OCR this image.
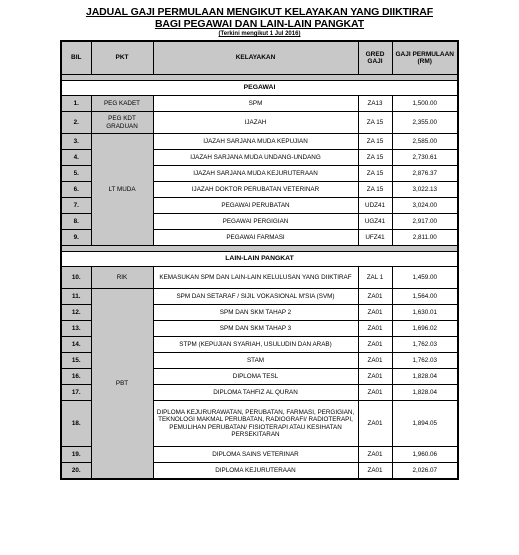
JADUAL GAJI PERMULAAN MENGIKUT KELAYAKAN YANG DIIKTIRAF
BAGI PEGAWAI DAN LAIN-LAIN PANGKAT
(Terkini mengikut 1 Jul 2016)
BIL	PKT	KELAYAKAN	GRED GAJI	GAJI PERMULAAN (RM)

PEGAWAI				
1.	PEG KADET	SPM	ZA13	1,500.00
2.	PEG KDT GRADUAN	IJAZAH	ZA 15	2,355.00
3.	LT MUDA	IJAZAH SARJANA MUDA KEPUJIAN	ZA 15	2,585.00
4.		IJAZAH SARJANA MUDA UNDANG-UNDANG	ZA 15	2,730.61
5.		IJAZAH SARJANA MUDA KEJURUTERAAN	ZA 15	2,876.37
6.		IJAZAH DOKTOR PERUBATAN VETERINAR	ZA 15	3,022.13
7.		PEGAWAI PERUBATAN	UDZ41	3,024.00
8.		PEGAWAI PERGIGIAN	UGZ41	2,917.00
9.		PEGAWAI FARMASI	UFZ41	2,811.00

LAIN-LAIN PANGKAT				
10.	RIK	KEMASUKAN SPM DAN LAIN-LAIN KELULUSAN YANG DIIKTIRAF	ZAL 1	1,459.00
11.	PBT	SPM DAN SETARAF / SIJIL VOKASIONAL M'SIA (SVM)	ZA01	1,564.00
12.		SPM DAN SKM TAHAP 2	ZA01	1,630.01
13.		SPM DAN SKM TAHAP 3	ZA01	1,696.02
14.		STPM (KEPUJIAN SYARIAH, USULUDIN DAN ARAB)	ZA01	1,762.03
15.		STAM	ZA01	1,762.03
16.		DIPLOMA TESL	ZA01	1,828.04
17.		DIPLOMA TAHFIZ AL QURAN	ZA01	1,828.04
18.		DIPLOMA KEJURURAWATAN, PERUBATAN, FARMASI, PERGIGIAN, TEKNOLOGI MAKMAL PERUBATAN, RADIOGRAFI/ RADIOTERAPI, PEMULIHAN PERUBATAN/ FISIOTERAPI ATAU KESIHATAN PERSEKITARAN	ZA01	1,894.05
19.		DIPLOMA SAINS VETERINAR	ZA01	1,960.06
20.		DIPLOMA KEJURUTERAAN	ZA01	2,026.07
